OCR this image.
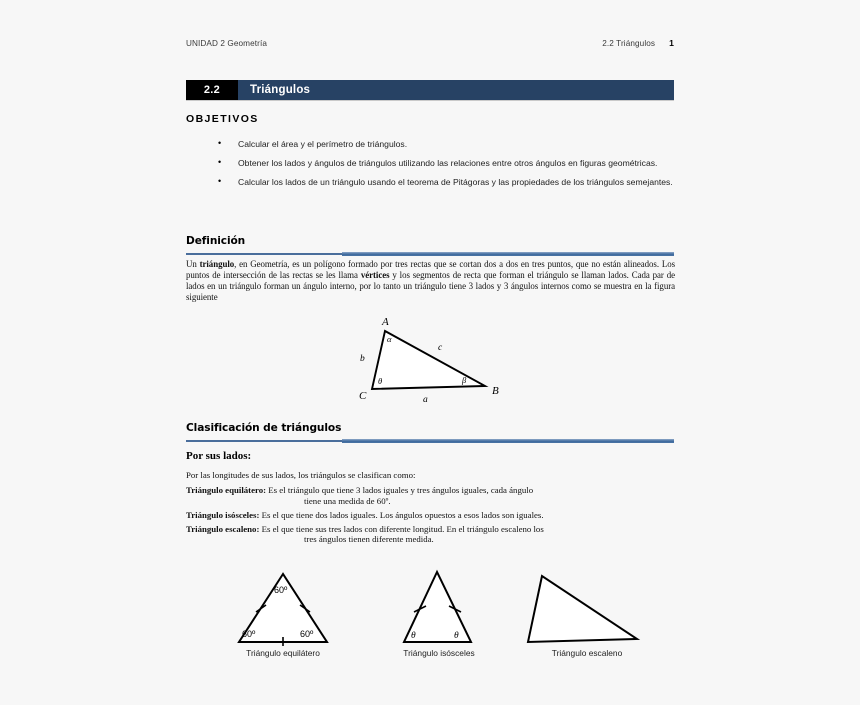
UNIDAD 2 Geometría	2.2 Triángulos 1
2.2	Triángulos
OBJETIVOS
• Calcular el área y el perímetro de triángulos.
• Obtener los lados y ángulos de triángulos utilizando las relaciones entre otros ángulos en figuras geométricas.
• Calcular los lados de un triángulo usando el teorema de Pitágoras y las propiedades de los triángulos semejantes.
Definición
Un triángulo, en Geometría, es un polígono formado por tres rectas que se cortan dos a dos en tres puntos, que no están alineados. Los puntos de intersección de las rectas se les llama vértices y los segmentos de recta que forman el triángulo se llaman lados. Cada par de lados en un triángulo forman un ángulo interno, por lo tanto un triángulo tiene 3 lados y 3 ángulos internos como se muestra en la figura siguiente
A
C	B
b
c
a
α
θ	β
Clasificación de triángulos
Por sus lados:
Por las longitudes de sus lados, los triángulos se clasifican como:
Triángulo equilátero: Es el triángulo que tiene 3 lados iguales y tres ángulos iguales, cada ángulo
tiene una medida de 60º.
Triángulo isósceles: Es el que tiene dos lados iguales. Los ángulos opuestos a esos lados son iguales.
Triángulo escaleno: Es el que tiene sus tres lados con diferente longitud. En el triángulo escaleno los
tres ángulos tienen diferente medida.
60º
60º	60º
Triángulo equilátero
θ	θ
Triángulo isósceles	Triángulo escaleno
